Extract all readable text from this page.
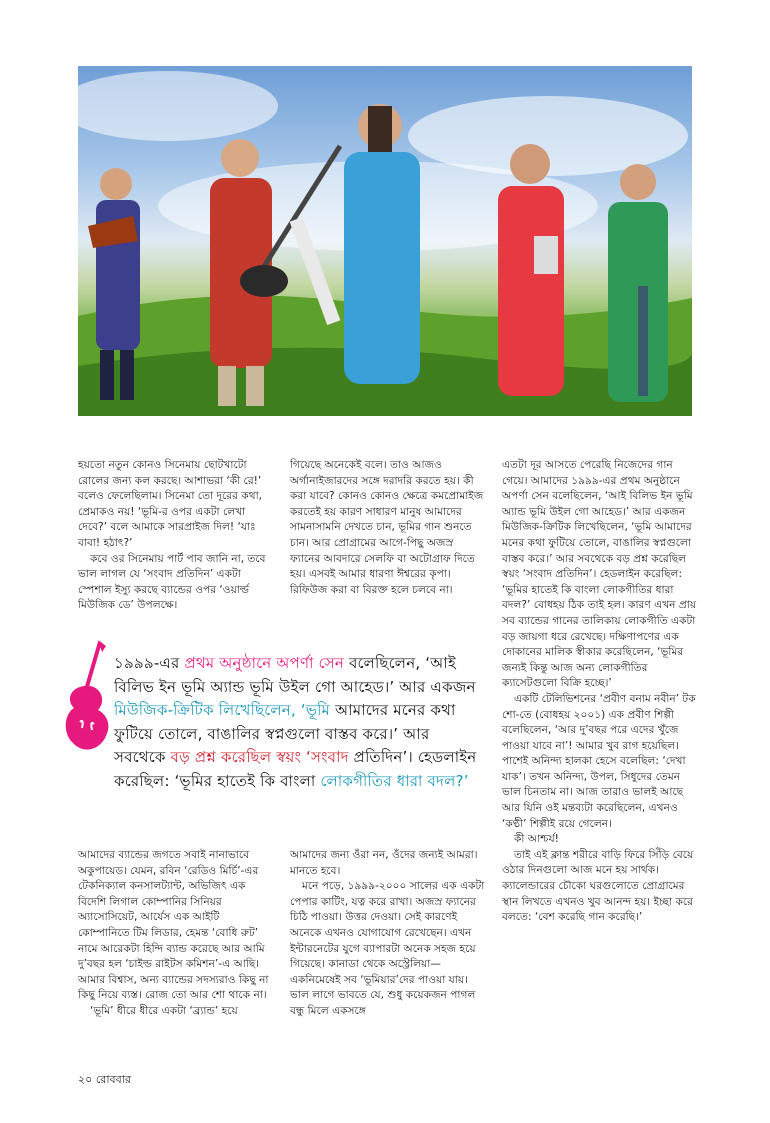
হয়তো নতুন কোনও সিনেমায় ছোটখাটো রোলের জন্য কল করছে। আশাভরা ‘কী রে!’ বলেও ফেলেছিলাম। সিনেমা তো দূরের কথা, প্রেমাকও নয়! ‘ভূমি-র ওপর একটা লেখা দেবে?’ বলে আমাকে সারপ্রাইজ দিল! ‘যাঃ বাবা! হঠাৎ?’

কবে ওর সিনেমায় পার্ট পাব জানি না, তবে ভাল লাগল যে ‘সংবাদ প্রতিদিন’ একটা স্পেশাল ইস্যু করছে ব্যান্ডের ওপর ‘ওয়ার্ল্ড মিউজিক ডে’ উপলক্ষে।

গিয়েছে অনেকেই বলে। তাও আজও অর্গানাইজারদের সঙ্গে দরাদরি করতে হয়। কী করা যাবে? কোনও কোনও ক্ষেত্রে কমপ্রোমাইজ করতেই হয় কারণ সাধারণ মানুষ আমাদের সামনাসামনি দেখতে চান, ভূমির গান শুনতে চান। আর প্রোগ্রামের আগে-পিছু অজস্র ফ্যানের আবদারে সেলফি বা অটোগ্রাফ দিতে হয়। এসবই আমার ধারণা ঈশ্বরের কৃপা। রিফিউজ করা বা বিরক্ত হলে চলবে না।

এতটা দূর আসতে পেরেছি নিজেদের গান গেয়ে। আমাদের ১৯৯৯-এর প্রথম অনুষ্ঠানে অপর্ণা সেন বলেছিলেন, ‘আই বিলিভ ইন ভূমি অ্যান্ড ভূমি উইল গো আহেড।’ আর একজন মিউজিক-ক্রিটিক লিখেছিলেন, ‘ভূমি আমাদের মনের কথা ফুটিয়ে তোলে, বাঙালির স্বপ্নগুলো বাস্তব করে।’ আর সবথেকে বড় প্রশ্ন করেছিল স্বয়ং ‘সংবাদ প্রতিদিন’। হেডলাইন করেছিল: ‘ভূমির হাতেই কি বাংলা লোকগীতির ধারা বদল?’ বোধহয় ঠিক তাই হল। কারণ এখন প্রায় সব ব্যান্ডের গানের তালিকায় লোকগীতি একটা বড় জায়গা ধরে রেখেছে। দক্ষিণাপণের এক দোকানের মালিক স্বীকার করেছিলেন, ‘ভূমির জন্যই কিন্তু আজ অন্য লোকগীতির ক্যাসেটগুলো বিক্রি হচ্ছে।’

একটি টেলিভিশনের ‘প্রবীণ বনাম নবীন’ টক শো-তে (বোধহয় ২০০১) এক প্রবীণ শিল্পী বলেছিলেন, ‘আর দু’বছর পরে এদের খুঁজে পাওয়া যাবে না’! আমার খুব রাগ হয়েছিল। পাশেই অনিন্দ্য হালকা হেসে বলেছিল: ‘দেখা যাক’। তখন অনিন্দ্য, উপল, সিধুদের তেমন ভাল চিনতাম না। আজ তারাও ভালই আছে আর যিনি ওই মন্তব্যটা করেছিলেন, এখনও ‘কণ্ঠী’ শিল্পীই রয়ে গেলেন।

কী আশ্চর্য!

তাই এই ক্লান্ত শরীরে বাড়ি ফিরে সিঁড়ি বেয়ে ওঠার দিনগুলো আজ মনে হয় সার্থক। ক্যালেন্ডারের চৌকো ঘরগুলোতে প্রোগ্রামের স্থান লিখতে এখনও খুব আনন্দ হয়। ইচ্ছা করে বলতে: ‘বেশ করেছি গান করেছি।’

১৯৯৯-এর প্রথম অনুষ্ঠানে অপর্ণা সেন বলেছিলেন, ‘আই বিলিভ ইন ভূমি অ্যান্ড ভূমি উইল গো আহেড।’ আর একজন মিউজিক-ক্রিটিক লিখেছিলেন, ‘ভূমি আমাদের মনের কথা ফুটিয়ে তোলে, বাঙালির স্বপ্নগুলো বাস্তব করে।’ আর সবথেকে বড় প্রশ্ন করেছিল স্বয়ং ‘সংবাদ প্রতিদিন’। হেডলাইন করেছিল: ‘ভূমির হাতেই কি বাংলা লোকগীতির ধারা বদল?’

আমাদের ব্যান্ডের জগতে সবাই নানাভাবে অকুপায়েড। যেমন, রবিন ‘রেডিও মির্চি’-এর টেকনিক্যাল কনসালট্যান্ট, অভিজিৎ এক বিদেশি লিগাল কোম্পানির সিনিয়র অ্যাসোসিয়েট, আর্যেস এক আইটি কোম্পানিতে টিম লিডার, হেমন্ত ‘বোধি রুট’ নামে আরেকটা হিন্দি ব্যান্ড করেছে আর আমি দু’বছর হল ‘চাইল্ড রাইটস কমিশন’-এ আছি। আমার বিশ্বাস, অন্য ব্যান্ডের সদস্যরাও কিছু না কিছু নিয়ে ব্যস্ত। রোজ তো আর শো থাকে না।

‘ভূমি’ ধীরে ধীরে একটা ‘ব্র্যান্ড’ হয়ে

আমাদের জন্য ওঁরা নন, ওঁদের জন্যই আমরা। মানতে হবে।

মনে পড়ে, ১৯৯৯-২০০০ সালের এক একটা পেপার কাটিং, যত্ন করে রাখা। অজস্র ফ্যানের চিঠি পাওয়া। উত্তর দেওয়া। সেই কারণেই অনেকে এখনও যোগাযোগ রেখেছেন। এখন ইন্টারনেটের যুগে ব্যাপারটা অনেক সহজ হয়ে গিয়েছে। কানাডা থেকে অস্ট্রেলিয়া— একনিমেষেই সব ‘ভূমিয়ার’দের পাওয়া যায়। ভাল লাগে ভাবতে যে, শুধু কয়েকজন পাগল বন্ধু মিলে একসঙ্গে

২০ রোববার
